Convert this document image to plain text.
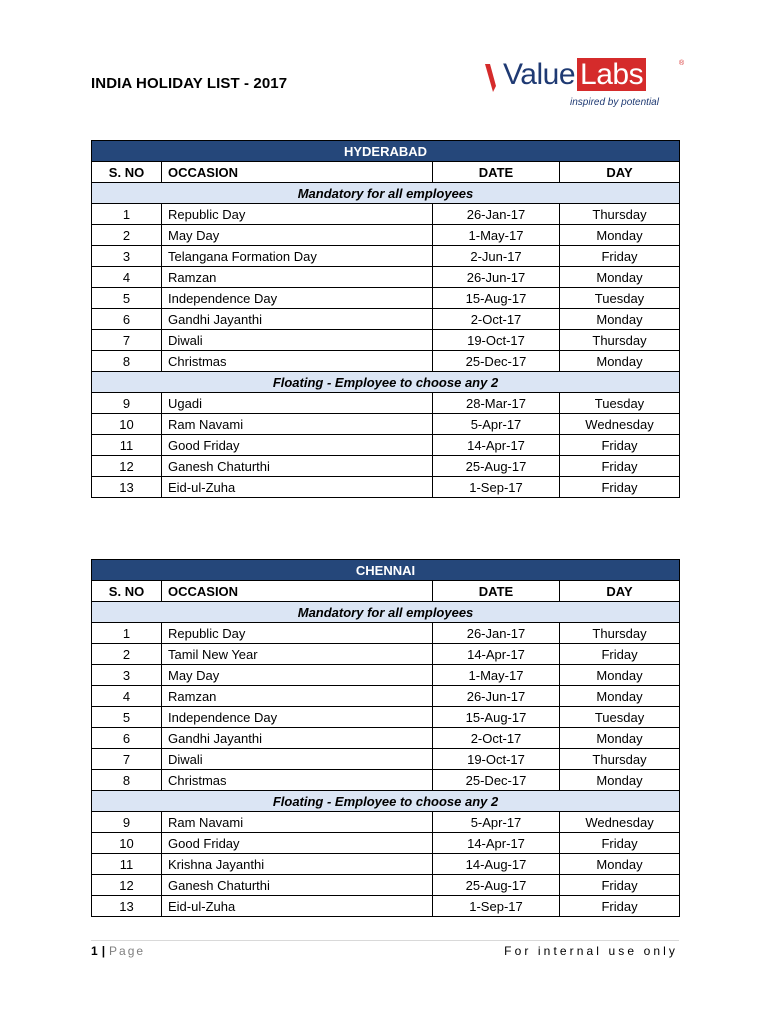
INDIA HOLIDAY LIST - 2017	Value Labs	®
inspired by potential
HYDERABAD			
S. NO	OCCASION	DATE	DAY
Mandatory for all employees			
1	Republic Day	26-Jan-17	Thursday
2	May Day	1-May-17	Monday
3	Telangana Formation Day	2-Jun-17	Friday
4	Ramzan	26-Jun-17	Monday
5	Independence Day	15-Aug-17	Tuesday
6	Gandhi Jayanthi	2-Oct-17	Monday
7	Diwali	19-Oct-17	Thursday
8	Christmas	25-Dec-17	Monday
Floating - Employee to choose any 2			
9	Ugadi	28-Mar-17	Tuesday
10	Ram Navami	5-Apr-17	Wednesday
11	Good Friday	14-Apr-17	Friday
12	Ganesh Chaturthi	25-Aug-17	Friday
13	Eid-ul-Zuha	1-Sep-17	Friday
CHENNAI			
S. NO	OCCASION	DATE	DAY
Mandatory for all employees			
1	Republic Day	26-Jan-17	Thursday
2	Tamil New Year	14-Apr-17	Friday
3	May Day	1-May-17	Monday
4	Ramzan	26-Jun-17	Monday
5	Independence Day	15-Aug-17	Tuesday
6	Gandhi Jayanthi	2-Oct-17	Monday
7	Diwali	19-Oct-17	Thursday
8	Christmas	25-Dec-17	Monday
Floating - Employee to choose any 2			
9	Ram Navami	5-Apr-17	Wednesday
10	Good Friday	14-Apr-17	Friday
11	Krishna Jayanthi	14-Aug-17	Monday
12	Ganesh Chaturthi	25-Aug-17	Friday
13	Eid-ul-Zuha	1-Sep-17	Friday
1 | Page	For internal use only
